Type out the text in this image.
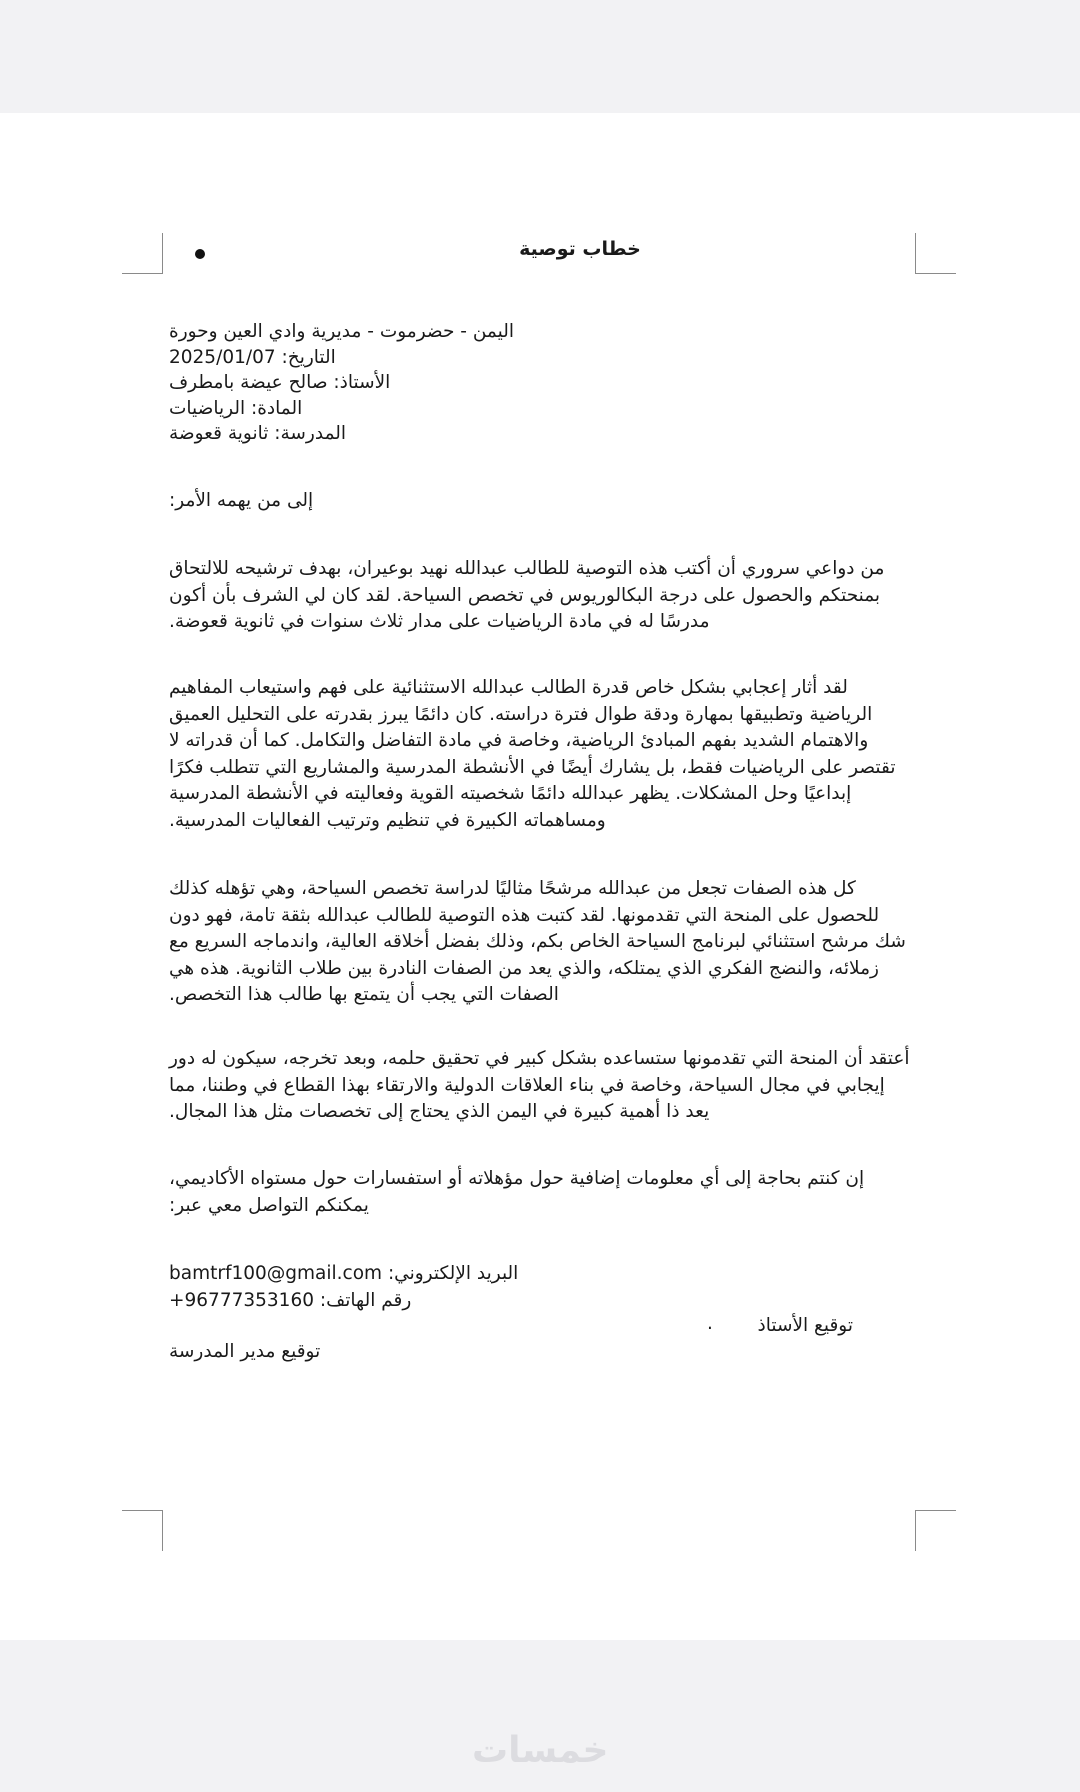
خطاب توصية
اليمن - حضرموت - مديرية وادي العين وحورة
التاريخ: 2025/01/07
الأستاذ: صالح عيضة بامطرف
المادة: الرياضيات
المدرسة: ثانوية قعوضة
إلى من يهمه الأمر:
من دواعي سروري أن أكتب هذه التوصية للطالب عبدالله نهيد بوعيران، بهدف ترشيحه للالتحاق
بمنحتكم والحصول على درجة البكالوريوس في تخصص السياحة. لقد كان لي الشرف بأن أكون
مدرسًا له في مادة الرياضيات على مدار ثلاث سنوات في ثانوية قعوضة.
لقد أثار إعجابي بشكل خاص قدرة الطالب عبدالله الاستثنائية على فهم واستيعاب المفاهيم
الرياضية وتطبيقها بمهارة ودقة طوال فترة دراسته. كان دائمًا يبرز بقدرته على التحليل العميق
والاهتمام الشديد بفهم المبادئ الرياضية، وخاصة في مادة التفاضل والتكامل. كما أن قدراته لا
تقتصر على الرياضيات فقط، بل يشارك أيضًا في الأنشطة المدرسية والمشاريع التي تتطلب فكرًا
إبداعيًا وحل المشكلات. يظهر عبدالله دائمًا شخصيته القوية وفعاليته في الأنشطة المدرسية
ومساهماته الكبيرة في تنظيم وترتيب الفعاليات المدرسية.
كل هذه الصفات تجعل من عبدالله مرشحًا مثاليًا لدراسة تخصص السياحة، وهي تؤهله كذلك
للحصول على المنحة التي تقدمونها. لقد كتبت هذه التوصية للطالب عبدالله بثقة تامة، فهو دون
شك مرشح استثنائي لبرنامج السياحة الخاص بكم، وذلك بفضل أخلاقه العالية، واندماجه السريع مع
زملائه، والنضج الفكري الذي يمتلكه، والذي يعد من الصفات النادرة بين طلاب الثانوية. هذه هي
الصفات التي يجب أن يتمتع بها طالب هذا التخصص.
أعتقد أن المنحة التي تقدمونها ستساعده بشكل كبير في تحقيق حلمه، وبعد تخرجه، سيكون له دور
إيجابي في مجال السياحة، وخاصة في بناء العلاقات الدولية والارتقاء بهذا القطاع في وطننا، مما
يعد ذا أهمية كبيرة في اليمن الذي يحتاج إلى تخصصات مثل هذا المجال.
إن كنتم بحاجة إلى أي معلومات إضافية حول مؤهلاته أو استفسارات حول مستواه الأكاديمي،
يمكنكم التواصل معي عبر:
البريد الإلكتروني: bamtrf100@gmail.com
رقم الهاتف: 96777353160+
توقيع الأستاذ
.
توقيع مدير المدرسة
خمسات
